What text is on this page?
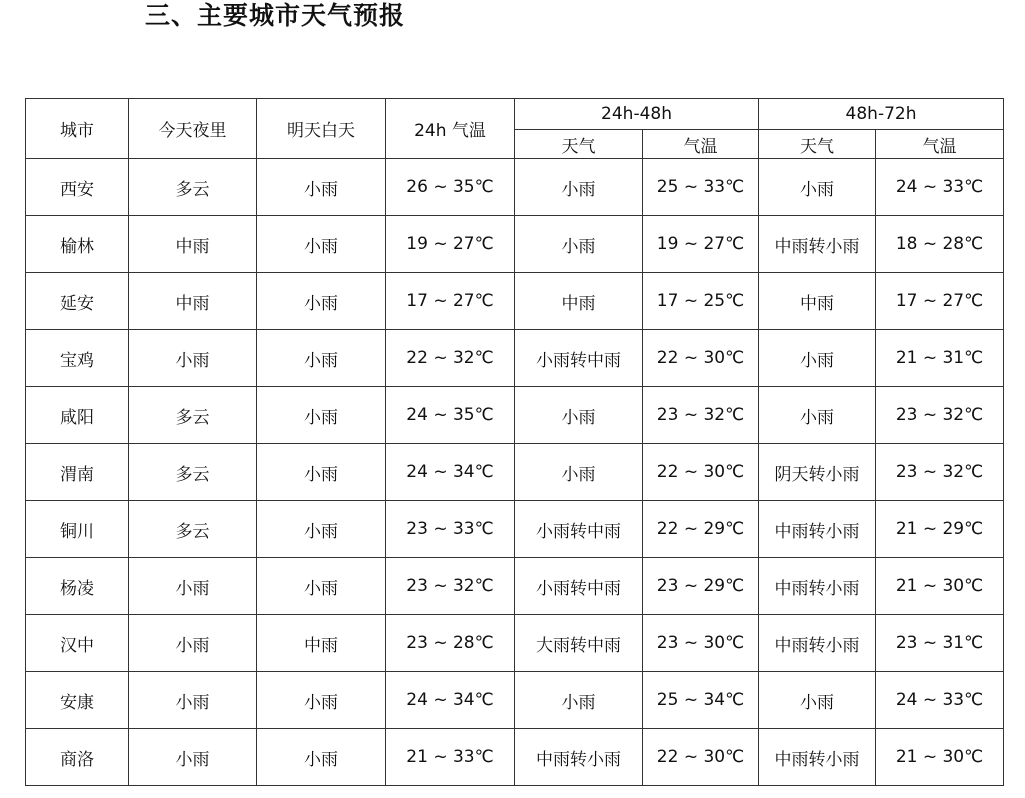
三、主要城市天气预报
城市	今天夜里	明天白天	24h 气温	24h-48h		48h-72h	
				天气	气温	天气	气温
西安	多云	小雨	26 ~ 35℃	小雨	25 ~ 33℃	小雨	24 ~ 33℃
榆林	中雨	小雨	19 ~ 27℃	小雨	19 ~ 27℃	中雨转小雨	18 ~ 28℃
延安	中雨	小雨	17 ~ 27℃	中雨	17 ~ 25℃	中雨	17 ~ 27℃
宝鸡	小雨	小雨	22 ~ 32℃	小雨转中雨	22 ~ 30℃	小雨	21 ~ 31℃
咸阳	多云	小雨	24 ~ 35℃	小雨	23 ~ 32℃	小雨	23 ~ 32℃
渭南	多云	小雨	24 ~ 34℃	小雨	22 ~ 30℃	阴天转小雨	23 ~ 32℃
铜川	多云	小雨	23 ~ 33℃	小雨转中雨	22 ~ 29℃	中雨转小雨	21 ~ 29℃
杨凌	小雨	小雨	23 ~ 32℃	小雨转中雨	23 ~ 29℃	中雨转小雨	21 ~ 30℃
汉中	小雨	中雨	23 ~ 28℃	大雨转中雨	23 ~ 30℃	中雨转小雨	23 ~ 31℃
安康	小雨	小雨	24 ~ 34℃	小雨	25 ~ 34℃	小雨	24 ~ 33℃
商洛	小雨	小雨	21 ~ 33℃	中雨转小雨	22 ~ 30℃	中雨转小雨	21 ~ 30℃
